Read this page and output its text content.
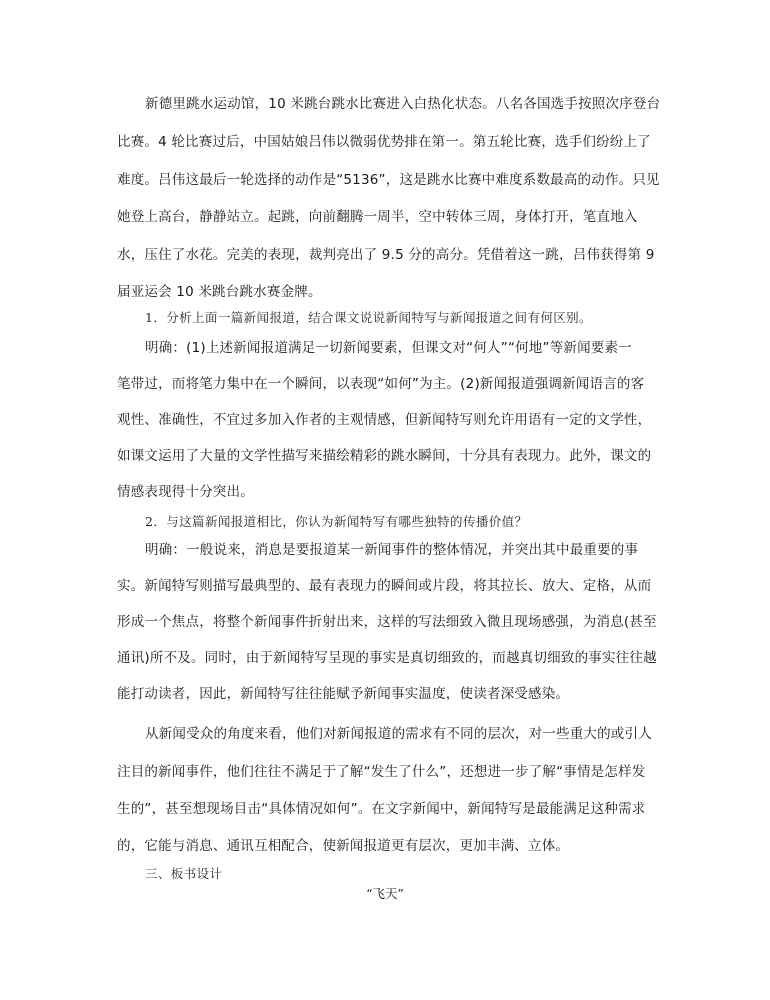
新德里跳水运动馆，10 米跳台跳水比赛进入白热化状态。八名各国选手按照次序登台
比赛。4 轮比赛过后，中国姑娘吕伟以微弱优势排在第一。第五轮比赛，选手们纷纷上了
难度。吕伟这最后一轮选择的动作是“5136”，这是跳水比赛中难度系数最高的动作。只见
她登上高台，静静站立。起跳，向前翻腾一周半，空中转体三周，身体打开，笔直地入
水，压住了水花。完美的表现，裁判亮出了 9.5 分的高分。凭借着这一跳，吕伟获得第 9
届亚运会 10 米跳台跳水赛金牌。
1．分析上面一篇新闻报道，结合课文说说新闻特写与新闻报道之间有何区别。
明确：(1)上述新闻报道满足一切新闻要素，但课文对“何人”“何地”等新闻要素一
笔带过，而将笔力集中在一个瞬间，以表现“如何”为主。(2)新闻报道强调新闻语言的客
观性、准确性，不宜过多加入作者的主观情感，但新闻特写则允许用语有一定的文学性，
如课文运用了大量的文学性描写来描绘精彩的跳水瞬间，十分具有表现力。此外，课文的
情感表现得十分突出。
2．与这篇新闻报道相比，你认为新闻特写有哪些独特的传播价值？
明确：一般说来，消息是要报道某一新闻事件的整体情况，并突出其中最重要的事
实。新闻特写则描写最典型的、最有表现力的瞬间或片段，将其拉长、放大、定格，从而
形成一个焦点，将整个新闻事件折射出来，这样的写法细致入微且现场感强，为消息(甚至
通讯)所不及。同时，由于新闻特写呈现的事实是真切细致的，而越真切细致的事实往往越
能打动读者，因此，新闻特写往往能赋予新闻事实温度，使读者深受感染。
从新闻受众的角度来看，他们对新闻报道的需求有不同的层次，对一些重大的或引人
注目的新闻事件，他们往往不满足于了解“发生了什么”，还想进一步了解“事情是怎样发
生的”，甚至想现场目击“具体情况如何”。在文字新闻中，新闻特写是最能满足这种需求
的，它能与消息、通讯互相配合，使新闻报道更有层次，更加丰满、立体。
三、板书设计
“飞天”
